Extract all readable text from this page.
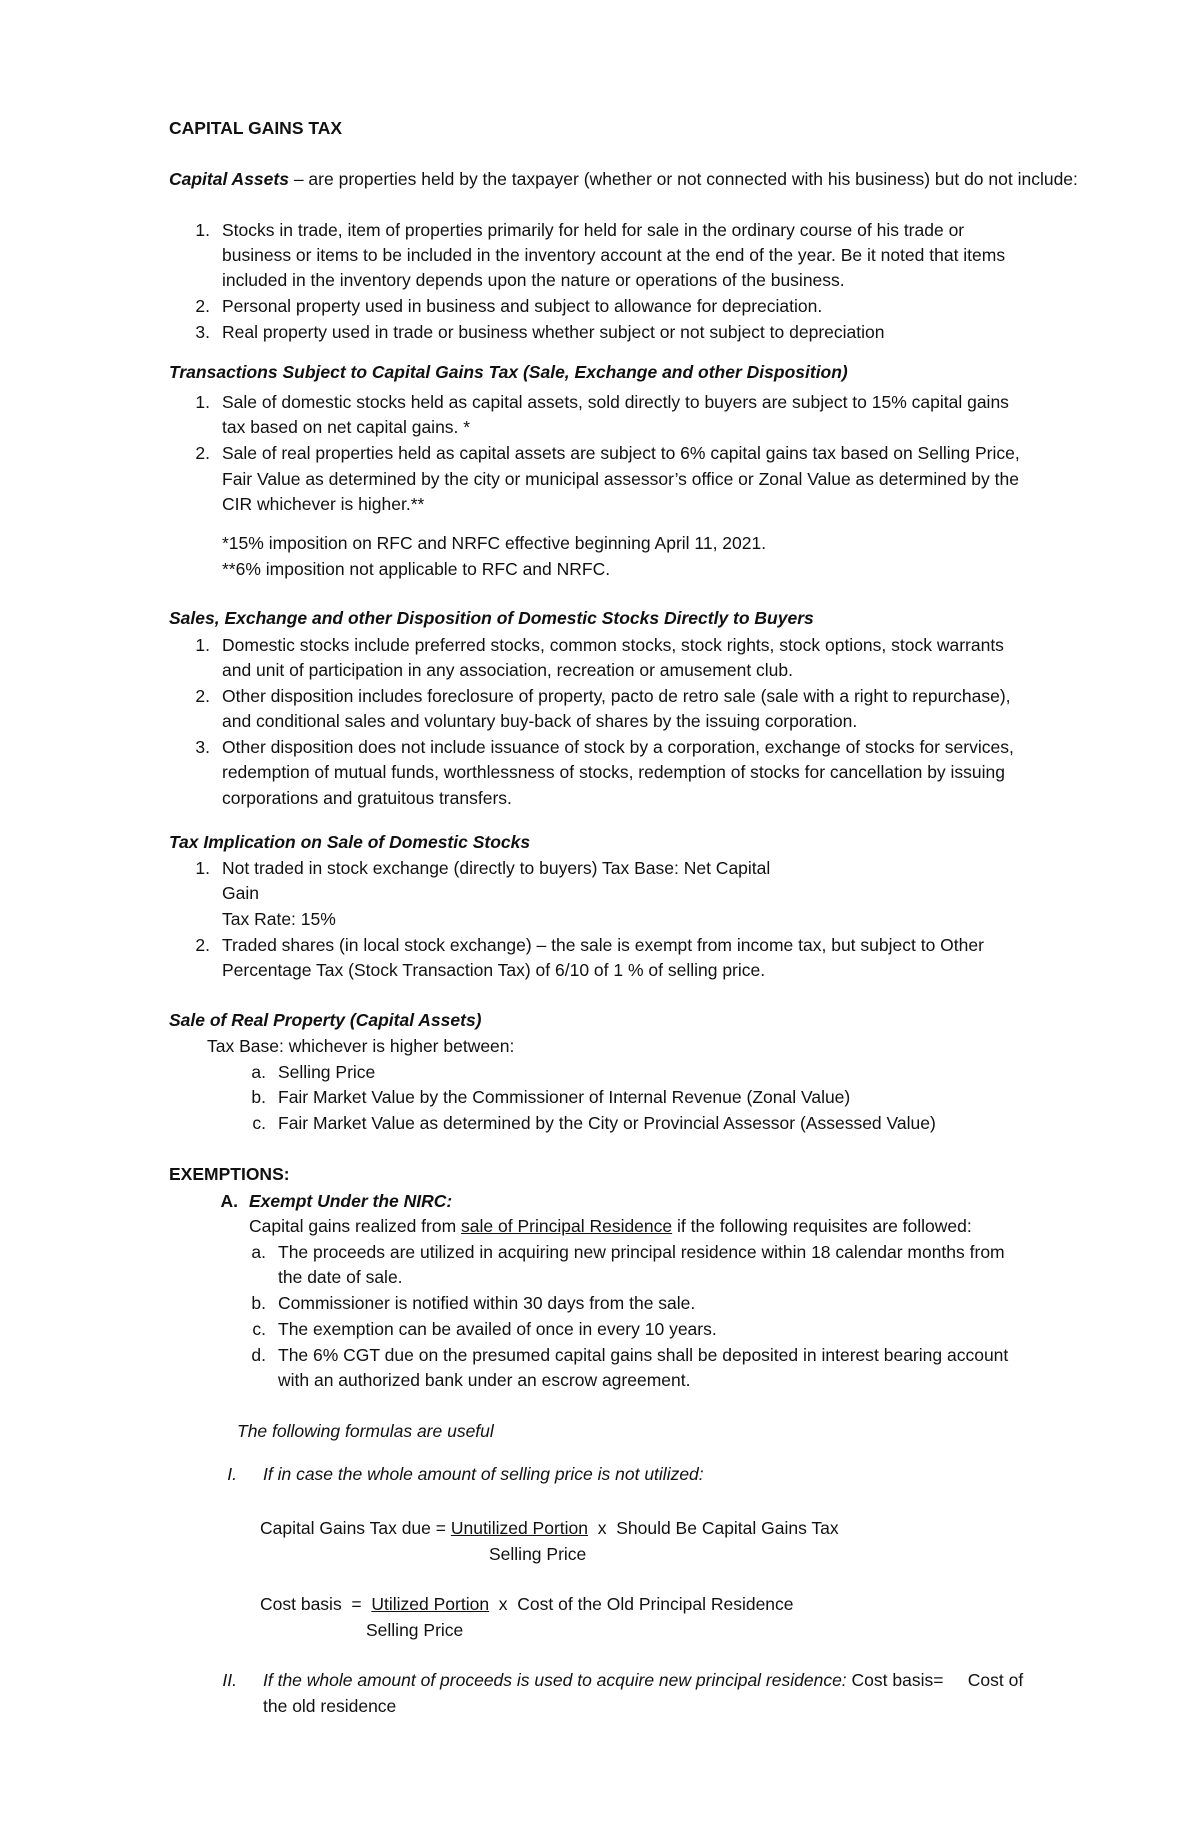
CAPITAL GAINS TAX
Capital Assets – are properties held by the taxpayer (whether or not connected with his business) but do not include:
1. Stocks in trade, item of properties primarily for held for sale in the ordinary course of his trade or
business or items to be included in the inventory account at the end of the year. Be it noted that items
included in the inventory depends upon the nature or operations of the business.
2. Personal property used in business and subject to allowance for depreciation.
3. Real property used in trade or business whether subject or not subject to depreciation
Transactions Subject to Capital Gains Tax (Sale, Exchange and other Disposition)
1. Sale of domestic stocks held as capital assets, sold directly to buyers are subject to 15% capital gains
tax based on net capital gains. *
2. Sale of real properties held as capital assets are subject to 6% capital gains tax based on Selling Price,
Fair Value as determined by the city or municipal assessor’s office or Zonal Value as determined by the
CIR whichever is higher.**
*15% imposition on RFC and NRFC effective beginning April 11, 2021.
**6% imposition not applicable to RFC and NRFC.
Sales, Exchange and other Disposition of Domestic Stocks Directly to Buyers
1. Domestic stocks include preferred stocks, common stocks, stock rights, stock options, stock warrants
and unit of participation in any association, recreation or amusement club.
2. Other disposition includes foreclosure of property, pacto de retro sale (sale with a right to repurchase),
and conditional sales and voluntary buy-back of shares by the issuing corporation.
3. Other disposition does not include issuance of stock by a corporation, exchange of stocks for services,
redemption of mutual funds, worthlessness of stocks, redemption of stocks for cancellation by issuing
corporations and gratuitous transfers.
Tax Implication on Sale of Domestic Stocks
1. Not traded in stock exchange (directly to buyers) Tax Base: Net Capital
Gain
Tax Rate: 15%
2. Traded shares (in local stock exchange) – the sale is exempt from income tax, but subject to Other
Percentage Tax (Stock Transaction Tax) of 6/10 of 1 % of selling price.
Sale of Real Property (Capital Assets)
Tax Base: whichever is higher between:
a. Selling Price
b. Fair Market Value by the Commissioner of Internal Revenue (Zonal Value)
c. Fair Market Value as determined by the City or Provincial Assessor (Assessed Value)
EXEMPTIONS:
A. Exempt Under the NIRC:
Capital gains realized from sale of Principal Residence if the following requisites are followed:
a. The proceeds are utilized in acquiring new principal residence within 18 calendar months from
the date of sale.
b. Commissioner is notified within 30 days from the sale.
c. The exemption can be availed of once in every 10 years.
d. The 6% CGT due on the presumed capital gains shall be deposited in interest bearing account
with an authorized bank under an escrow agreement.
The following formulas are useful
I. If in case the whole amount of selling price is not utilized:
Capital Gains Tax due = Unutilized Portion  x  Should Be Capital Gains Tax
Selling Price
Cost basis  =  Utilized Portion  x  Cost of the Old Principal Residence
Selling Price
II. If the whole amount of proceeds is used to acquire new principal residence: Cost basis=     Cost of
the old residence
